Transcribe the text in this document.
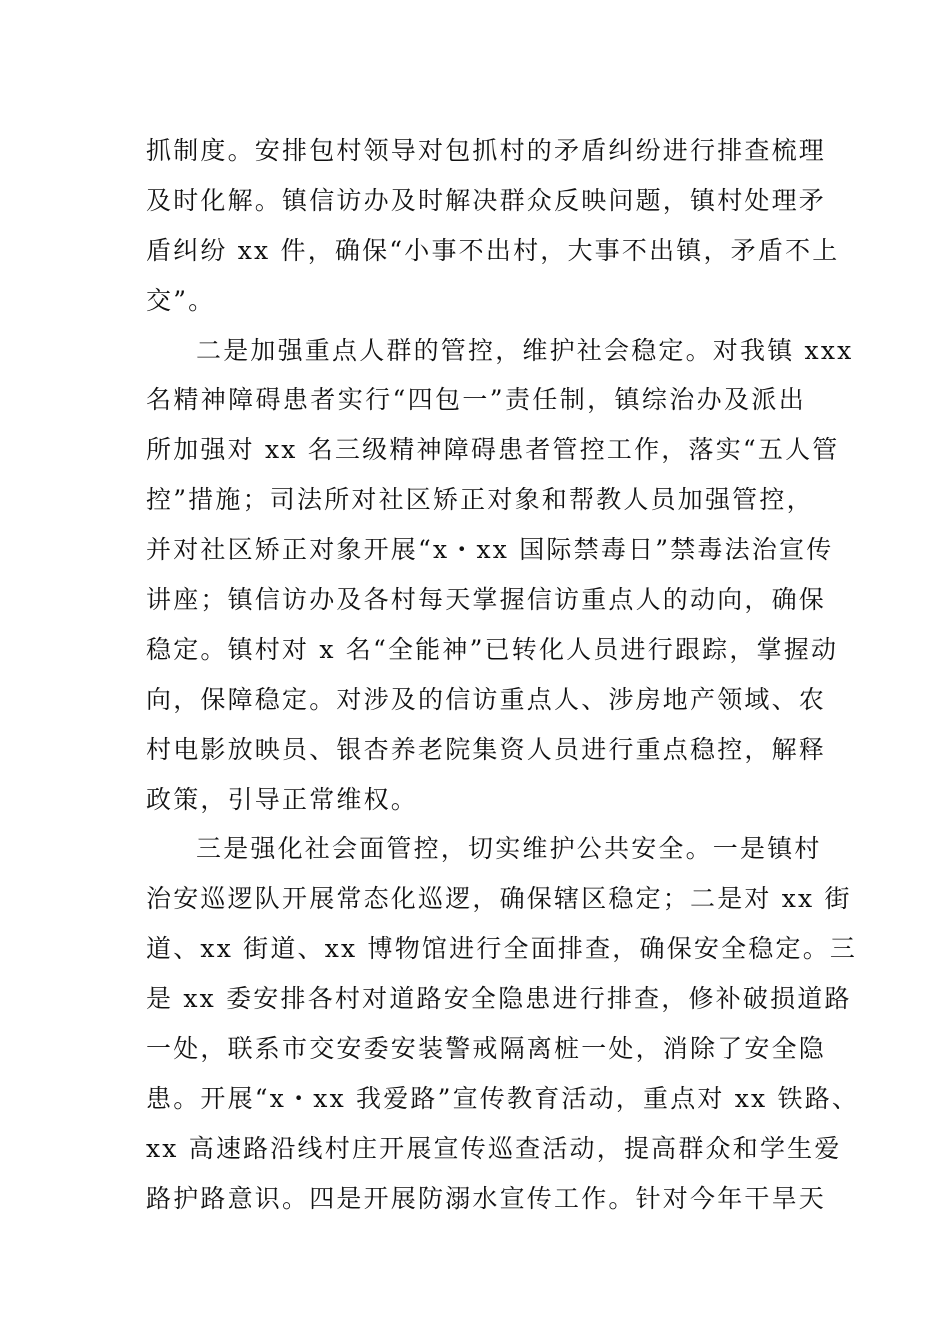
抓制度。安排包村领导对包抓村的矛盾纠纷进行排查梳理
及时化解。镇信访办及时解决群众反映问题，镇村处理矛
盾纠纷 xx 件，确保“小事不出村，大事不出镇，矛盾不上
交”。
二是加强重点人群的管控，维护社会稳定。对我镇 xxx
名精神障碍患者实行“四包一”责任制，镇综治办及派出
所加强对 xx 名三级精神障碍患者管控工作，落实“五人管
控”措施；司法所对社区矫正对象和帮教人员加强管控，
并对社区矫正对象开展“x・xx 国际禁毒日”禁毒法治宣传
讲座；镇信访办及各村每天掌握信访重点人的动向，确保
稳定。镇村对 x 名“全能神”已转化人员进行跟踪，掌握动
向，保障稳定。对涉及的信访重点人、涉房地产领域、农
村电影放映员、银杏养老院集资人员进行重点稳控，解释
政策，引导正常维权。
三是强化社会面管控，切实维护公共安全。一是镇村
治安巡逻队开展常态化巡逻，确保辖区稳定；二是对 xx 街
道、xx 街道、xx 博物馆进行全面排查，确保安全稳定。三
是 xx 委安排各村对道路安全隐患进行排查，修补破损道路
一处，联系市交安委安装警戒隔离桩一处，消除了安全隐
患。开展“x・xx 我爱路”宣传教育活动，重点对 xx 铁路、
xx 高速路沿线村庄开展宣传巡查活动，提高群众和学生爱
路护路意识。四是开展防溺水宣传工作。针对今年干旱天
